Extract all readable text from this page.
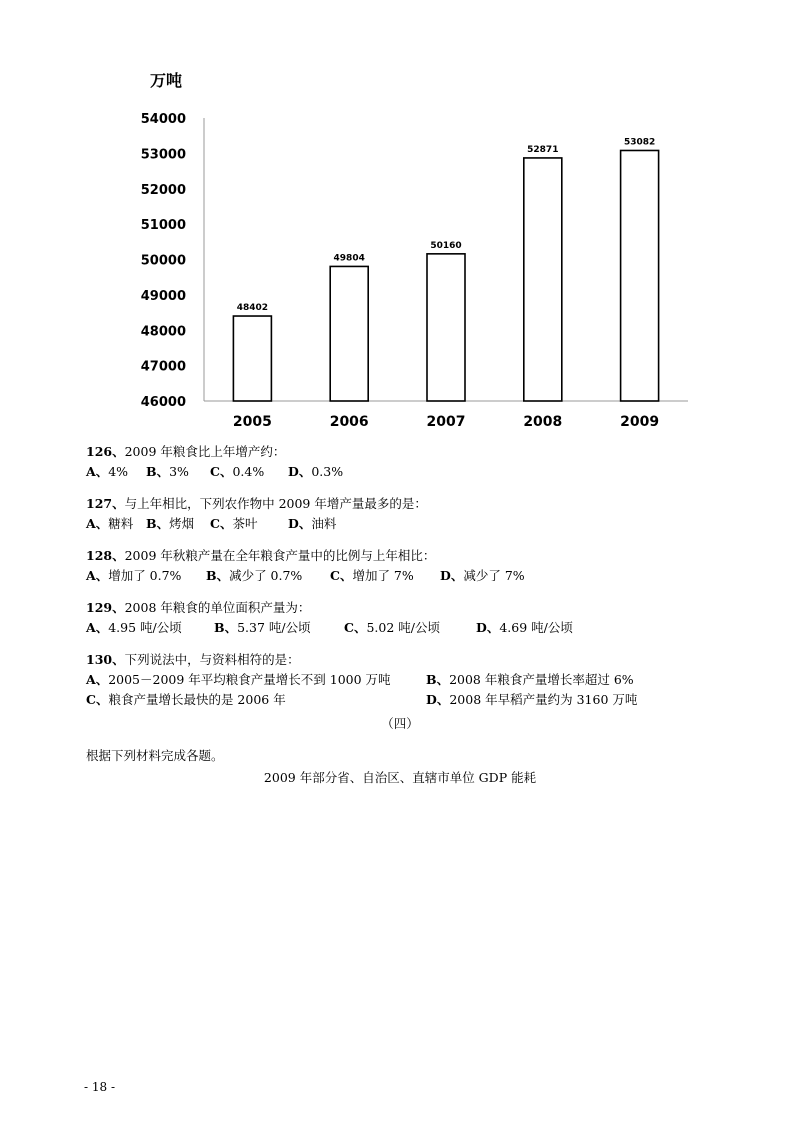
万吨
46000
47000
48000
49000
50000
51000
52000
53000
54000
48402
49804
50160
52871
53082
2005	2006	2007	2008	2009
126、2009 年粮食比上年增产约：
A、4% B、3% C、0.4% D、0.3%
127、与上年相比，下列农作物中 2009 年增产量最多的是：
A、糖料 B、烤烟 C、茶叶 D、油料
128、2009 年秋粮产量在全年粮食产量中的比例与上年相比：
A、增加了 0.7% B、减少了 0.7% C、增加了 7% D、减少了 7%
129、2008 年粮食的单位面积产量为：
A、4.95 吨/公顷	B、5.37 吨/公顷	C、5.02 吨/公顷	D、4.69 吨/公顷
130、下列说法中，与资料相符的是：
A、2005－2009 年平均粮食产量增长不到 1000 万吨	B、2008 年粮食产量增长率超过 6%
C、粮食产量增长最快的是 2006 年	D、2008 年早稻产量约为 3160 万吨
（四）
根据下列材料完成各题。
2009 年部分省、自治区、直辖市单位 GDP 能耗
- 18 -
